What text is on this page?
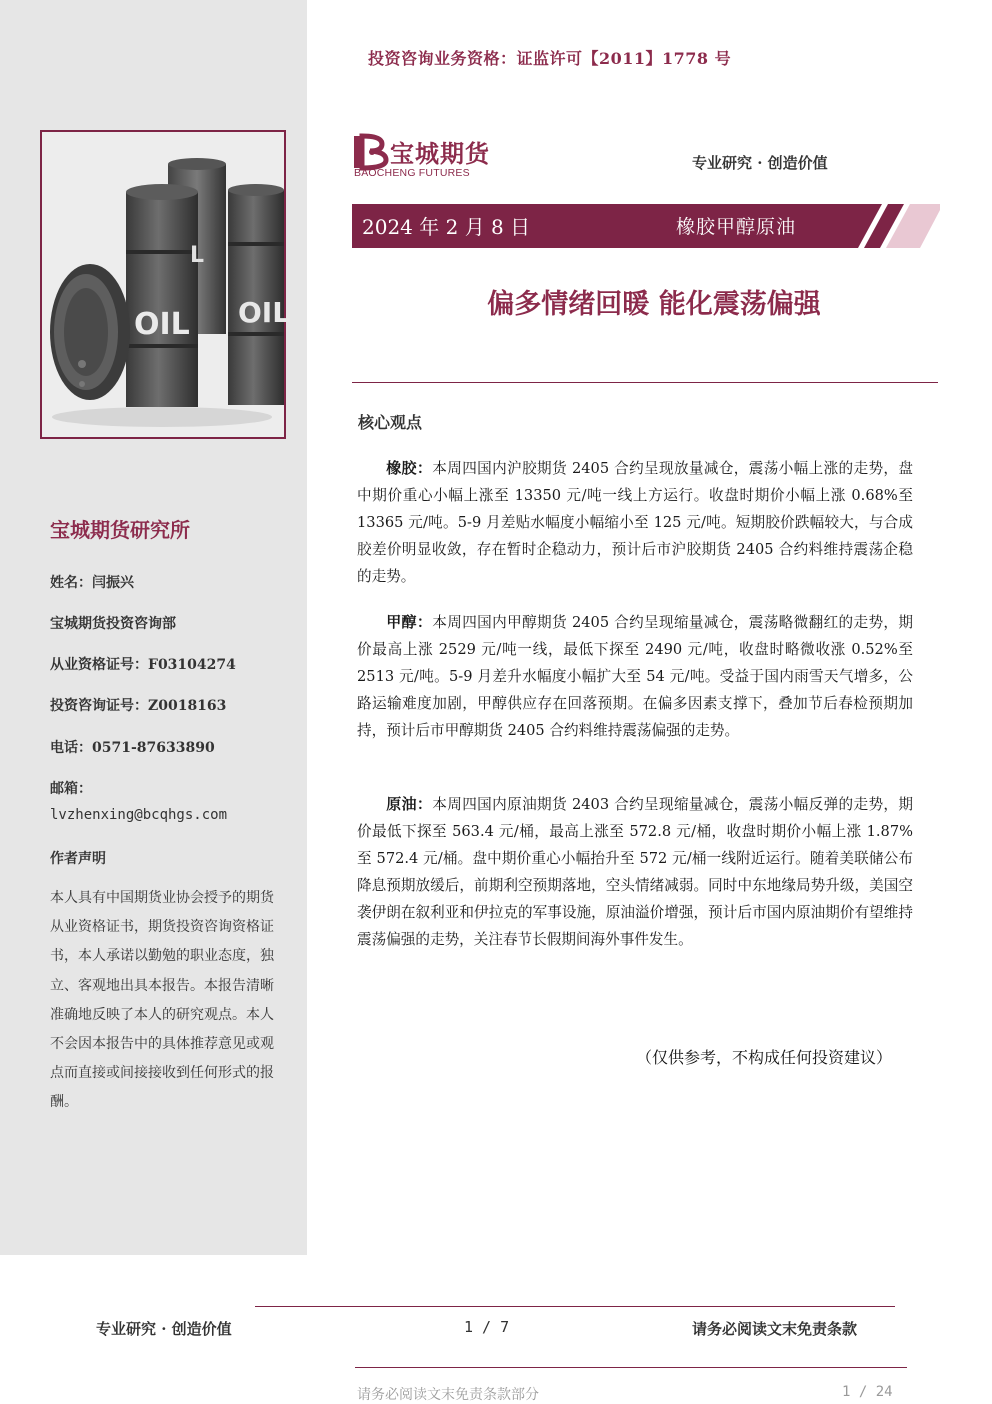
投资咨询业务资格：证监许可【2011】1778 号
OIL
L
OIL
宝城期货研究所
姓名：闫振兴
宝城期货投资咨询部
从业资格证号：F03104274
投资咨询证号：Z0018163
电话：0571-87633890
邮箱：
lvzhenxing@bcqhgs.com
作者声明
本人具有中国期货业协会授予的期货从业资格证书，期货投资咨询资格证书，本人承诺以勤勉的职业态度，独立、客观地出具本报告。本报告清晰准确地反映了本人的研究观点。本人不会因本报告中的具体推荐意见或观点而直接或间接接收到任何形式的报酬。
宝城期货
BAOCHENG FUTURES
专业研究 · 创造价值
2024 年 2 月 8 日	橡胶甲醇原油
偏多情绪回暖 能化震荡偏强
核心观点
橡胶：本周四国内沪胶期货 2405 合约呈现放量减仓，震荡小幅上涨的走势，盘中期价重心小幅上涨至 13350 元/吨一线上方运行。收盘时期价小幅上涨 0.68%至 13365 元/吨。5-9 月差贴水幅度小幅缩小至 125 元/吨。短期胶价跌幅较大，与合成胶差价明显收敛，存在暂时企稳动力，预计后市沪胶期货 2405 合约料维持震荡企稳的走势。
甲醇：本周四国内甲醇期货 2405 合约呈现缩量减仓，震荡略微翻红的走势，期价最高上涨 2529 元/吨一线，最低下探至 2490 元/吨，收盘时略微收涨 0.52%至 2513 元/吨。5-9 月差升水幅度小幅扩大至 54 元/吨。受益于国内雨雪天气增多，公路运输难度加剧，甲醇供应存在回落预期。在偏多因素支撑下，叠加节后春检预期加持，预计后市甲醇期货 2405 合约料维持震荡偏强的走势。
原油：本周四国内原油期货 2403 合约呈现缩量减仓，震荡小幅反弹的走势，期价最低下探至 563.4 元/桶，最高上涨至 572.8 元/桶，收盘时期价小幅上涨 1.87%至 572.4 元/桶。盘中期价重心小幅抬升至 572 元/桶一线附近运行。随着美联储公布降息预期放缓后，前期利空预期落地，空头情绪减弱。同时中东地缘局势升级，美国空袭伊朗在叙利亚和伊拉克的军事设施，原油溢价增强，预计后市国内原油期价有望维持震荡偏强的走势，关注春节长假期间海外事件发生。
（仅供参考，不构成任何投资建议）
专业研究 · 创造价值	1 / 7	请务必阅读文末免责条款
请务必阅读文末免责条款部分	1 / 24
